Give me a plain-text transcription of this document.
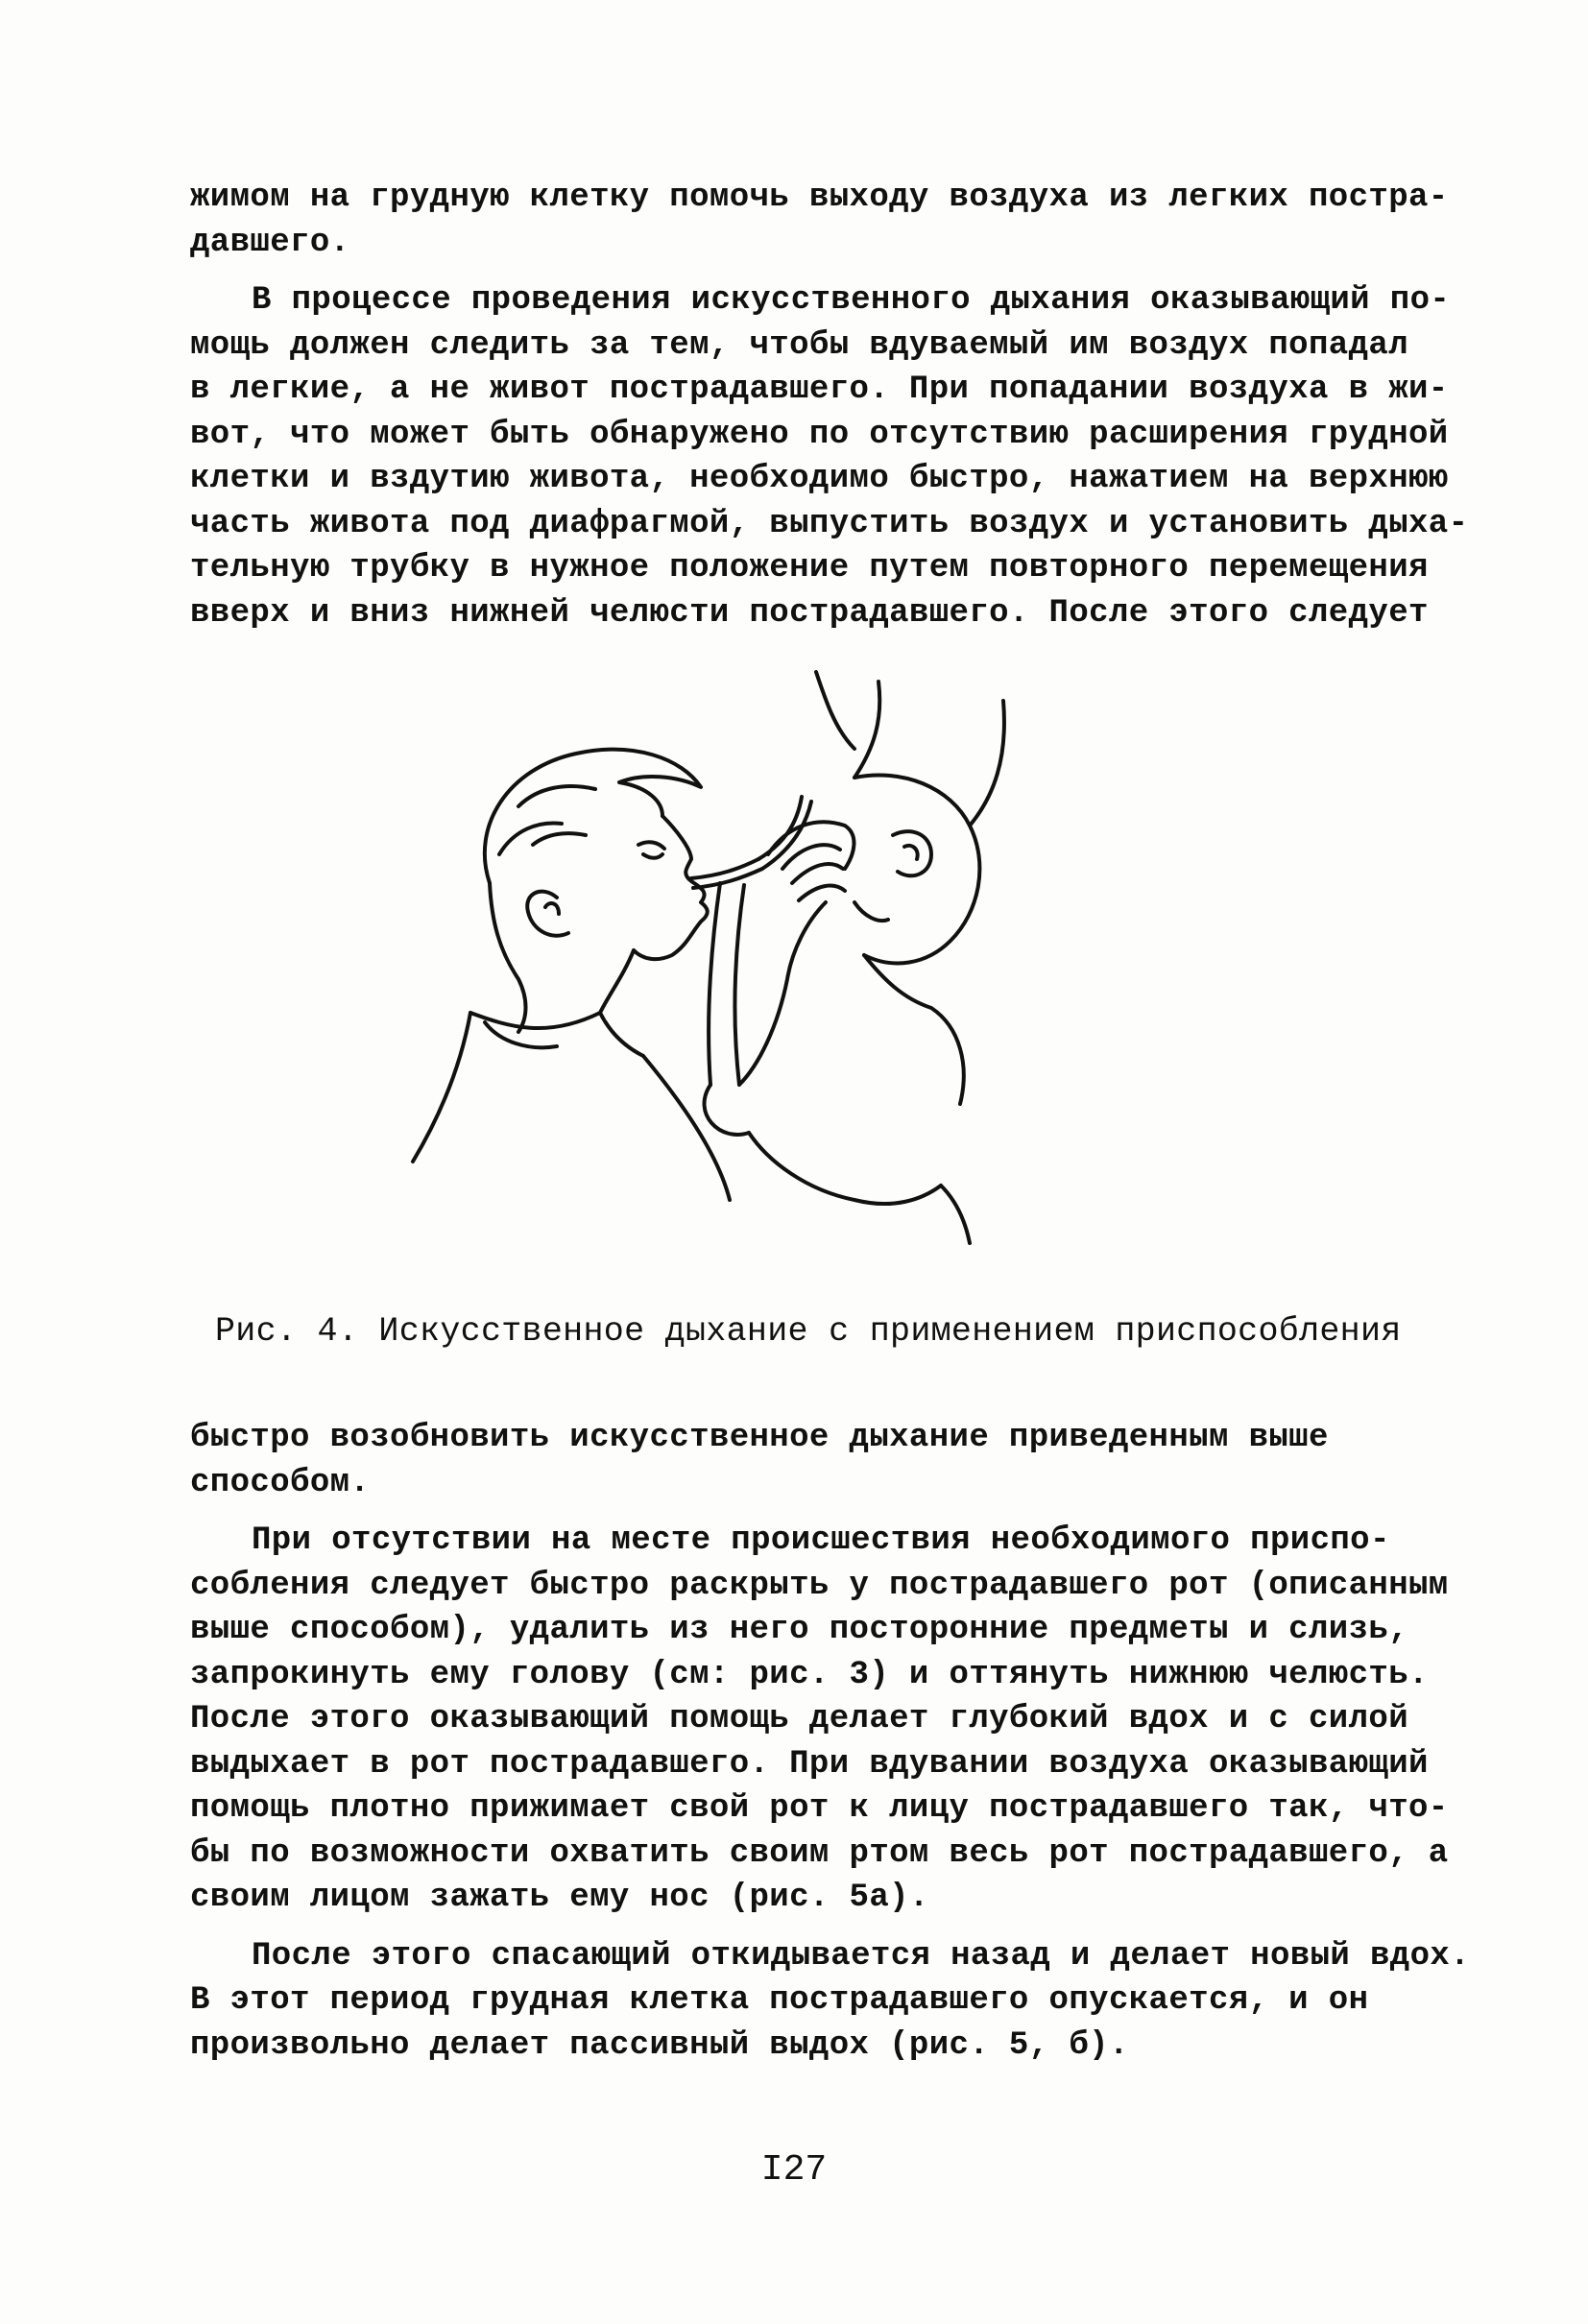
жимом на грудную клетку помочь выходу воздуха из легких постра-
давшего.
В процессе проведения искусственного дыхания оказывающий по-
мощь должен следить за тем, чтобы вдуваемый им воздух попадал
в легкие, а не живот пострадавшего. При попадании воздуха в жи-
вот, что может быть обнаружено по отсутствию расширения грудной
клетки и вздутию живота, необходимо быстро, нажатием на верхнюю
часть живота под диафрагмой, выпустить воздух и установить дыха-
тельную трубку в нужное положение путем повторного перемещения
вверх и вниз нижней челюсти пострадавшего. После этого следует
Рис. 4. Искусственное дыхание с применением приспособления
быстро возобновить искусственное дыхание приведенным выше
способом.
При отсутствии на месте происшествия необходимого приспо-
собления следует быстро раскрыть у пострадавшего рот (описанным
выше способом), удалить из него посторонние предметы и слизь,
запрокинуть ему голову (см: рис. 3) и оттянуть нижнюю челюсть.
После этого оказывающий помощь делает глубокий вдох и с силой
выдыхает в рот пострадавшего. При вдувании воздуха оказывающий
помощь плотно прижимает свой рот к лицу пострадавшего так, что-
бы по возможности охватить своим ртом весь рот пострадавшего, а
своим лицом зажать ему нос (рис. 5а).
После этого спасающий откидывается назад и делает новый вдох.
В этот период грудная клетка пострадавшего опускается, и он
произвольно делает пассивный выдох (рис. 5, б).
I27
